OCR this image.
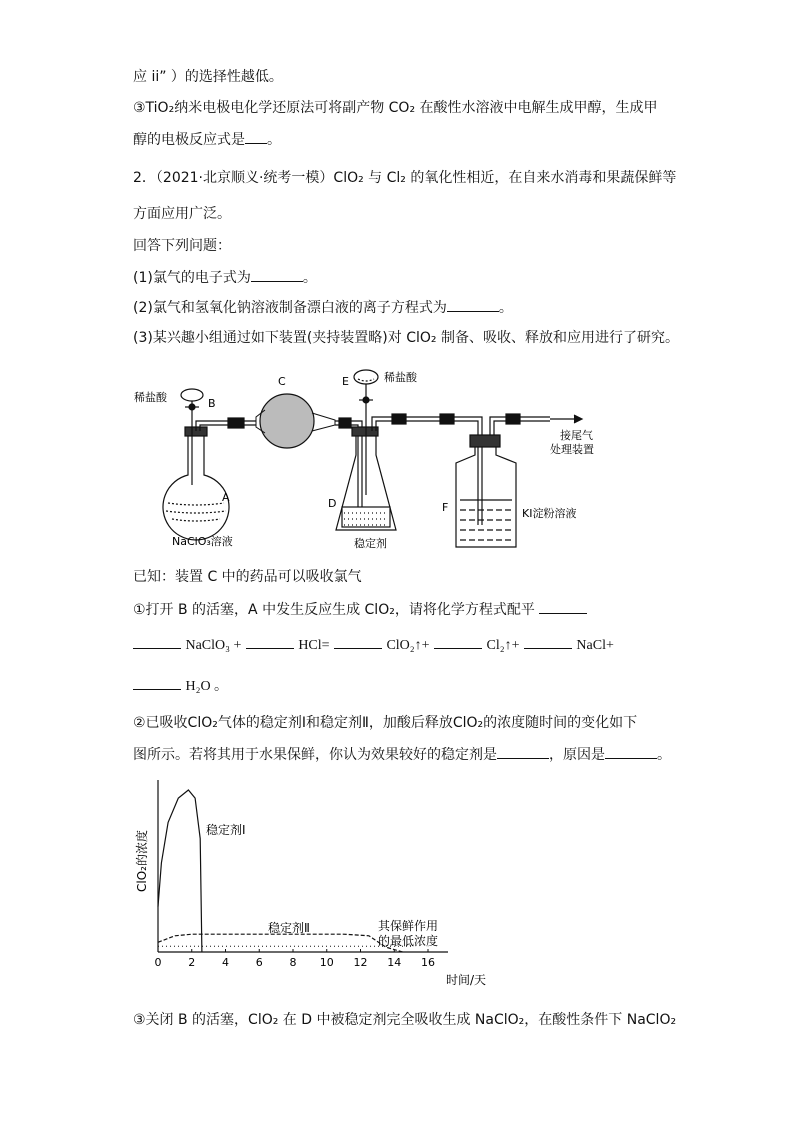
应 ii” ）的选择性越低。
③TiO₂纳米电极电化学还原法可将副产物 CO₂ 在酸性水溶液中电解生成甲醇，生成甲
醇的电极反应式是 。
2．（2021·北京顺义·统考一模）ClO₂ 与 Cl₂ 的氧化性相近，在自来水消毒和果蔬保鲜等
方面应用广泛。
回答下列问题：
(1)氯气的电子式为	。
(2)氯气和氢氧化钠溶液制备漂白液的离子方程式为	。
(3)某兴趣小组通过如下装置(夹持装置略)对 ClO₂ 制备、吸收、释放和应用进行了研究。
稀盐酸	B
C	E	稀盐酸
A
NaClO₃溶液
D
稳定剂
F	KI淀粉溶液
接尾气
处理装置
已知：装置 C 中的药品可以吸收氯气
①打开 B 的活塞，A 中发生反应生成 ClO₂，请将化学方程式配平
NaClO₃ +	HCl=	ClO₂↑+	Cl₂↑+	NaCl+
H₂O 。
②已吸收ClO₂气体的稳定剂Ⅰ和稳定剂Ⅱ，加酸后释放ClO₂的浓度随时间的变化如下
图所示。若将其用于水果保鲜，你认为效果较好的稳定剂是	，原因是	。
0 2 4 6 8 10 12 14 16
ClO₂的浓度
时间/天
稳定剂Ⅰ
稳定剂Ⅱ	其保鲜作用
的最低浓度
③关闭 B 的活塞，ClO₂ 在 D 中被稳定剂完全吸收生成 NaClO₂，在酸性条件下 NaClO₂
